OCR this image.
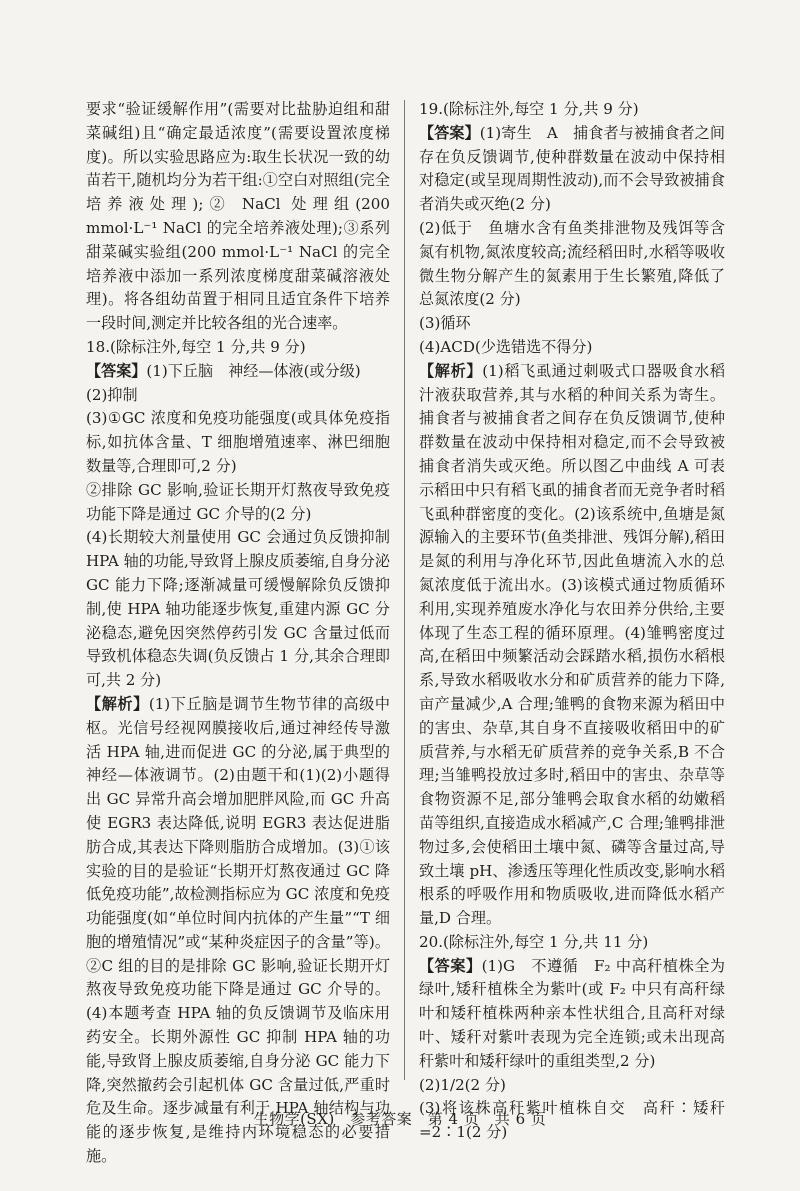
要求“验证缓解作用”(需要对比盐胁迫组和甜菜碱组)且“确定最适浓度”(需要设置浓度梯度)。所以实验思路应为:取生长状况一致的幼苗若干,随机均分为若干组:①空白对照组(完全培养液处理);② NaCl 处理组(200 mmol·L⁻¹ NaCl 的完全培养液处理);③系列甜菜碱实验组(200 mmol·L⁻¹ NaCl 的完全培养液中添加一系列浓度梯度甜菜碱溶液处理)。将各组幼苗置于相同且适宜条件下培养一段时间,测定并比较各组的光合速率。

18.(除标注外,每空 1 分,共 9 分)

【答案】(1)下丘脑　神经—体液(或分级)

(2)抑制

(3)①GC 浓度和免疫功能强度(或具体免疫指标,如抗体含量、T 细胞增殖速率、淋巴细胞数量等,合理即可,2 分)

②排除 GC 影响,验证长期开灯熬夜导致免疫功能下降是通过 GC 介导的(2 分)

(4)长期较大剂量使用 GC 会通过负反馈抑制 HPA 轴的功能,导致肾上腺皮质萎缩,自身分泌 GC 能力下降;逐渐减量可缓慢解除负反馈抑制,使 HPA 轴功能逐步恢复,重建内源 GC 分泌稳态,避免因突然停药引发 GC 含量过低而导致机体稳态失调(负反馈占 1 分,其余合理即可,共 2 分)

【解析】(1)下丘脑是调节生物节律的高级中枢。光信号经视网膜接收后,通过神经传导激活 HPA 轴,进而促进 GC 的分泌,属于典型的神经—体液调节。(2)由题干和(1)(2)小题得出 GC 异常升高会增加肥胖风险,而 GC 升高使 EGR3 表达降低,说明 EGR3 表达促进脂肪合成,其表达下降则脂肪合成增加。(3)①该实验的目的是验证“长期开灯熬夜通过 GC 降低免疫功能”,故检测指标应为 GC 浓度和免疫功能强度(如“单位时间内抗体的产生量”“T 细胞的增殖情况”或“某种炎症因子的含量”等)。②C 组的目的是排除 GC 影响,验证长期开灯熬夜导致免疫功能下降是通过 GC 介导的。(4)本题考查 HPA 轴的负反馈调节及临床用药安全。长期外源性 GC 抑制 HPA 轴的功能,导致肾上腺皮质萎缩,自身分泌 GC 能力下降,突然撤药会引起机体 GC 含量过低,严重时危及生命。逐步减量有利于 HPA 轴结构与功能的逐步恢复,是维持内环境稳态的必要措施。

19.(除标注外,每空 1 分,共 9 分)

【答案】(1)寄生　A　捕食者与被捕食者之间存在负反馈调节,使种群数量在波动中保持相对稳定(或呈现周期性波动),而不会导致被捕食者消失或灭绝(2 分)

(2)低于　鱼塘水含有鱼类排泄物及残饵等含氮有机物,氮浓度较高;流经稻田时,水稻等吸收微生物分解产生的氮素用于生长繁殖,降低了总氮浓度(2 分)

(3)循环

(4)ACD(少选错选不得分)

【解析】(1)稻飞虱通过刺吸式口器吸食水稻汁液获取营养,其与水稻的种间关系为寄生。捕食者与被捕食者之间存在负反馈调节,使种群数量在波动中保持相对稳定,而不会导致被捕食者消失或灭绝。所以图乙中曲线 A 可表示稻田中只有稻飞虱的捕食者而无竞争者时稻飞虱种群密度的变化。(2)该系统中,鱼塘是氮源输入的主要环节(鱼类排泄、残饵分解),稻田是氮的利用与净化环节,因此鱼塘流入水的总氮浓度低于流出水。(3)该模式通过物质循环利用,实现养殖废水净化与农田养分供给,主要体现了生态工程的循环原理。(4)雏鸭密度过高,在稻田中频繁活动会踩踏水稻,损伤水稻根系,导致水稻吸收水分和矿质营养的能力下降,亩产量减少,A 合理;雏鸭的食物来源为稻田中的害虫、杂草,其自身不直接吸收稻田中的矿质营养,与水稻无矿质营养的竞争关系,B 不合理;当雏鸭投放过多时,稻田中的害虫、杂草等食物资源不足,部分雏鸭会取食水稻的幼嫩稻苗等组织,直接造成水稻减产,C 合理;雏鸭排泄物过多,会使稻田土壤中氮、磷等含量过高,导致土壤 pH、渗透压等理化性质改变,影响水稻根系的呼吸作用和物质吸收,进而降低水稻产量,D 合理。

20.(除标注外,每空 1 分,共 11 分)

【答案】(1)G　不遵循　F₂ 中高秆植株全为绿叶,矮秆植株全为紫叶(或 F₂ 中只有高秆绿叶和矮秆植株两种亲本性状组合,且高秆对绿叶、矮秆对紫叶表现为完全连锁;或未出现高秆紫叶和矮秆绿叶的重组类型,2 分)

(2)1/2(2 分)

(3)将该株高秆紫叶植株自交　高秆∶矮秆=2∶1(2 分)

生物学(SX)　参考答案　第 4 页　共 6 页
